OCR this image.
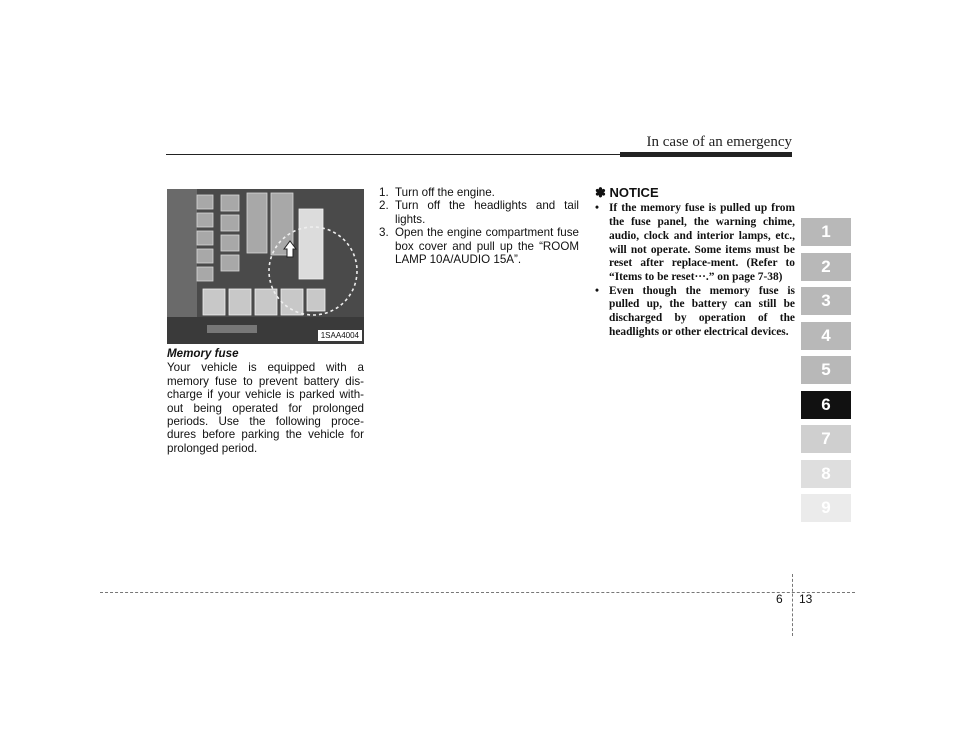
In case of an emergency
1
2
3
4
5
6
7
8
9
1SAA4004
Memory fuse
Your vehicle is equipped with a memory fuse to prevent battery dis-charge if your vehicle is parked with-out being operated for prolonged periods. Use the following proce-dures before parking the vehicle for prolonged period.
1. Turn off the engine.
2. Turn off the headlights and tail lights.
3. Open the engine compartment fuse box cover and pull up the “ROOM LAMP 10A/AUDIO 15A”.
✽ NOTICE
• If the memory fuse is pulled up from the fuse panel, the warning chime, audio, clock and interior lamps, etc., will not operate. Some items must be reset after replace-ment. (Refer to “Items to be reset···.” on page 7-38)
• Even though the memory fuse is pulled up, the battery can still be discharged by operation of the headlights or other electrical devices.
6 13
